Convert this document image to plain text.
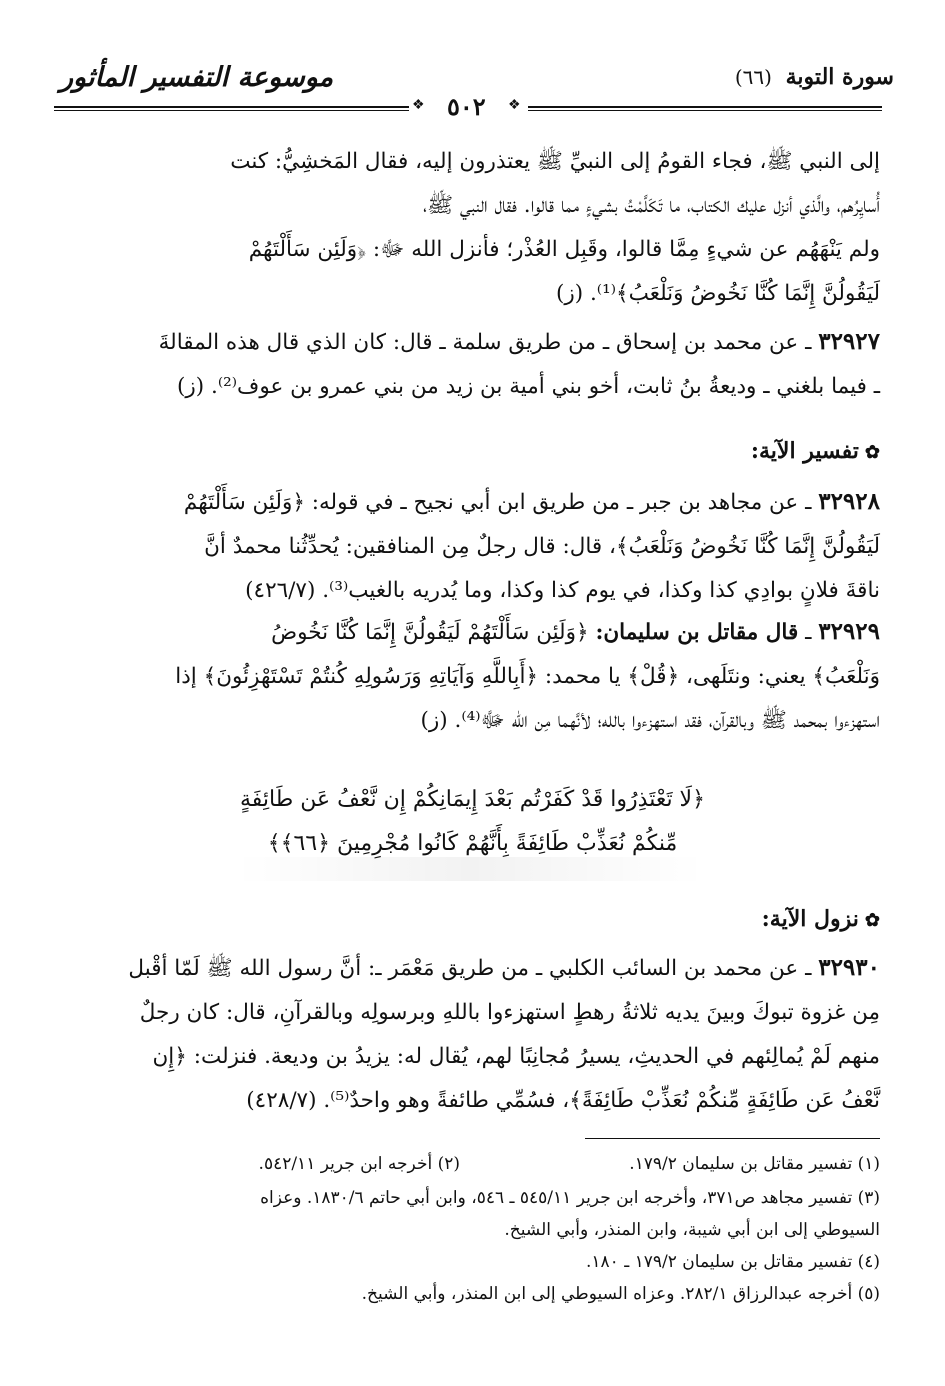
موسوعة التفسير المأثور	سورة التوبة (٦٦)
٥٠٢
❖	❖
إلى النبي ﷺ، فجاء القومُ إلى النبيِّ ﷺ يعتذرون إليه، فقال المَخشِيُّ: كنت
أُسايِرُهم، والَّذي أنزل عليك الكتاب، ما تَكَلَّمْتُ بشيءٍ مما قالوا. فقال النبي ﷺ،
ولم يَنْهَهُم عن شيءٍ مِمَّا قالوا، وقَبِل العُذْر؛ فأنزل الله ﷻ: ﴿وَلَئِن سَأَلْتَهُمْ
لَيَقُولُنَّ إِنَّمَا كُنَّا نَخُوضُ وَنَلْعَبُ﴾⁽¹⁾. (ز)
٣٢٩٢٧ ـ عن محمد بن إسحاق ـ من طريق سلمة ـ قال: كان الذي قال هذه المقالةَ
ـ فيما بلغني ـ وديعةُ بنُ ثابت، أخو بني أمية بن زيد من بني عمرو بن عوف⁽²⁾. (ز)
✿تفسير الآية:
٣٢٩٢٨ ـ عن مجاهد بن جبر ـ من طريق ابن أبي نجيح ـ في قوله: ﴿وَلَئِن سَأَلْتَهُمْ
لَيَقُولُنَّ إِنَّمَا كُنَّا نَخُوضُ وَنَلْعَبُ﴾، قال: قال رجلٌ مِن المنافقين: يُحدِّثُنا محمدٌ أنَّ
ناقةَ فلانٍ بوادِي كذا وكذا، في يوم كذا وكذا، وما يُدريه بالغيب⁽³⁾. (٤٢٦/٧)
٣٢٩٢٩ ـ قال مقاتل بن سليمان: ﴿وَلَئِن سَأَلْتَهُمْ لَيَقُولُنَّ إِنَّمَا كُنَّا نَخُوضُ
وَنَلْعَبُ﴾ يعني: ونتَلَهى، ﴿قُلْ﴾ يا محمد: ﴿أَبِاللَّهِ وَآيَاتِهِ وَرَسُولِهِ كُنتُمْ تَسْتَهْزِئُونَ﴾ إذا
استهزءوا بمحمد ﷺ وبالقرآن، فقد استهزءوا بالله؛ لأنَّهما مِن الله ﷻ⁽⁴⁾. (ز)
﴿لَا تَعْتَذِرُوا قَدْ كَفَرْتُم بَعْدَ إِيمَانِكُمْ إِن نَّعْفُ عَن طَائِفَةٍ
مِّنكُمْ نُعَذِّبْ طَائِفَةً بِأَنَّهُمْ كَانُوا مُجْرِمِينَ ﴿٦٦﴾﴾
✿نزول الآية:
٣٢٩٣٠ ـ عن محمد بن السائب الكلبي ـ من طريق مَعْمَر ـ: أنَّ رسول الله ﷺ لَمّا أقْبل
مِن غزوة تبوكَ وبينَ يديه ثلاثةُ رهطٍ استهزءوا باللهِ وبرسولِه وبالقرآنِ، قال: كان رجلٌ
منهم لَمْ يُمالِئهم في الحديثِ، يسيرُ مُجانِبًا لهم، يُقال له: يزيدُ بن وديعة. فنزلت: ﴿إِن
نَّعْفُ عَن طَائِفَةٍ مِّنكُمْ نُعَذِّبْ طَائِفَةً﴾، فسُمِّي طائفةً وهو واحدٌ⁽⁵⁾. (٤٢٨/٧)
(١) تفسير مقاتل بن سليمان ١٧٩/٢.
(٢) أخرجه ابن جرير ٥٤٢/١١.
(٣) تفسير مجاهد ص٣٧١، وأخرجه ابن جرير ٥٤٥/١١ ـ ٥٤٦، وابن أبي حاتم ١٨٣٠/٦. وعزاه
السيوطي إلى ابن أبي شيبة، وابن المنذر، وأبي الشيخ.
(٤) تفسير مقاتل بن سليمان ١٧٩/٢ ـ ١٨٠.
(٥) أخرجه عبدالرزاق ٢٨٢/١. وعزاه السيوطي إلى ابن المنذر، وأبي الشيخ.
